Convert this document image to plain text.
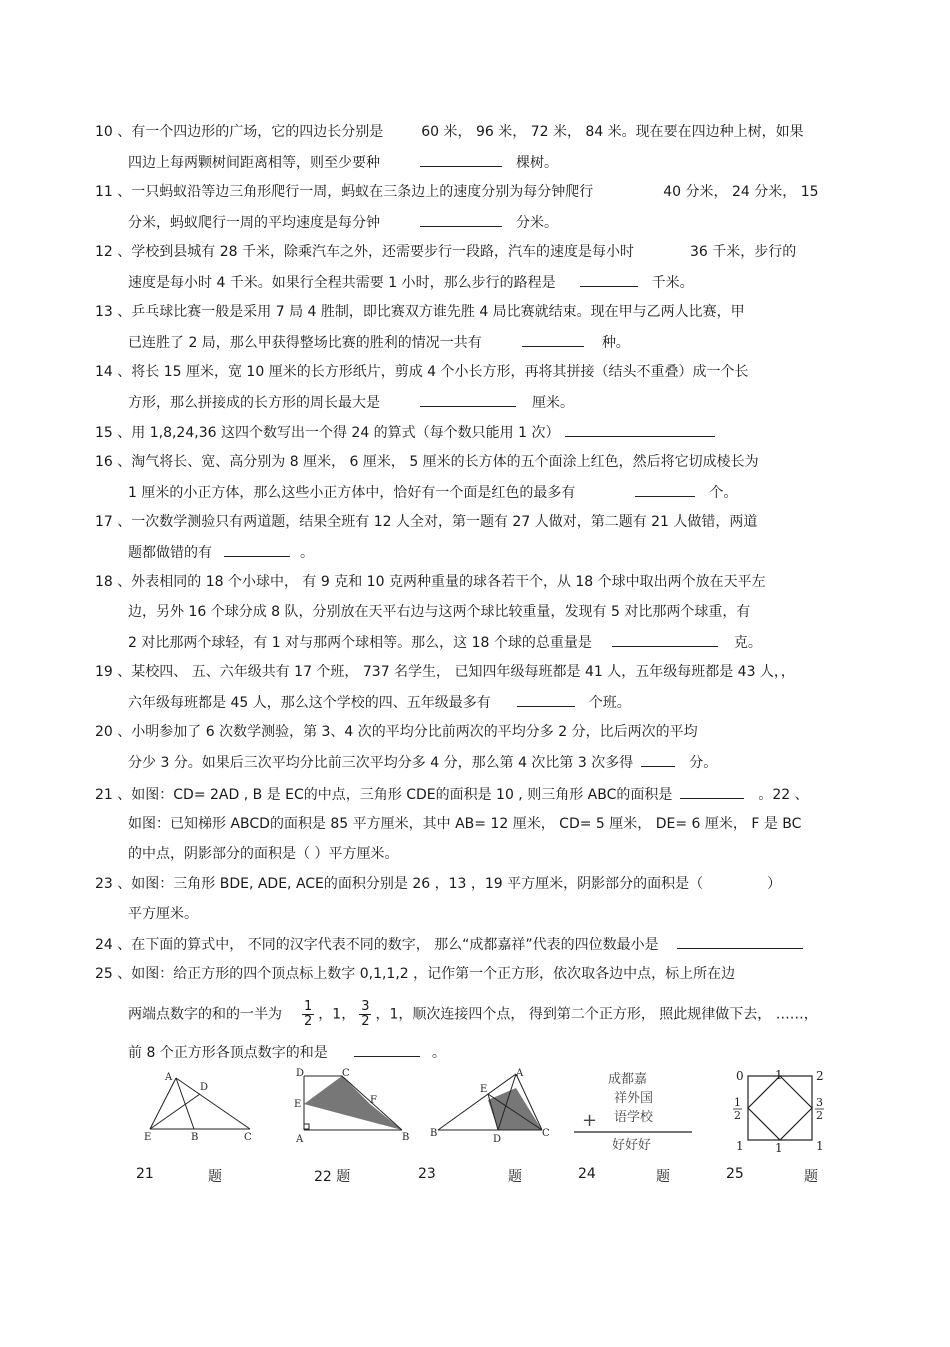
10 、有一个四边形的广场，它的四边长分别是	60 米， 96 米， 72 米， 84 米。现在要在四边种上树，如果
四边上每两颗树间距离相等，则至少要种	棵树。
11 、一只蚂蚁沿等边三角形爬行一周，蚂蚁在三条边上的速度分别为每分钟爬行	40 分米， 24 分米， 15
分米，蚂蚁爬行一周的平均速度是每分钟	分米。
12 、学校到县城有 28 千米，除乘汽车之外，还需要步行一段路，汽车的速度是每小时	36 千米，步行的
速度是每小时 4 千米。如果行全程共需要 1 小时，那么步行的路程是	千米。
13 、乒乓球比赛一般是采用 7 局 4 胜制，即比赛双方谁先胜 4 局比赛就结束。现在甲与乙两人比赛，甲
已连胜了 2 局，那么甲获得整场比赛的胜利的情况一共有	种。
14 、将长 15 厘米，宽 10 厘米的长方形纸片，剪成 4 个小长方形，再将其拼接（结头不重叠）成一个长
方形，那么拼接成的长方形的周长最大是	厘米。
15 、用 1,8,24,36 这四个数写出一个得 24 的算式（每个数只能用 1 次）
16 、淘气将长、宽、高分别为 8 厘米， 6 厘米， 5 厘米的长方体的五个面涂上红色，然后将它切成棱长为
1 厘米的小正方体，那么这些小正方体中，恰好有一个面是红色的最多有	个。
17 、一次数学测验只有两道题，结果全班有 12 人全对，第一题有 27 人做对，第二题有 21 人做错，两道
题都做错的有	。
18 、外表相同的 18 个小球中， 有 9 克和 10 克两种重量的球各若干个，从 18 个球中取出两个放在天平左
边，另外 16 个球分成 8 队，分别放在天平右边与这两个球比较重量，发现有 5 对比那两个球重，有
2 对比那两个球轻，有 1 对与那两个球相等。那么，这 18 个球的总重量是	克。
19 、某校四、 五、六年级共有 17 个班， 737 名学生， 已知四年级每班都是 41 人，五年级每班都是 43 人，，
六年级每班都是 45 人，那么这个学校的四、五年级最多有	个班。
20 、小明参加了 6 次数学测验，第 3、4 次的平均分比前两次的平均分多 2 分，比后两次的平均
分少 3 分。如果后三次平均分比前三次平均分多 4 分，那么第 4 次比第 3 次多得	分。
21 、如图：CD= 2AD , B 是 EC的中点，三角形 CDE的面积是 10 , 则三角形 ABC的面积是	。22 、
如图：已知梯形 ABCD的面积是 85 平方厘米，其中 AB= 12 厘米， CD= 5 厘米， DE= 6 厘米， F 是 BC
的中点，阴影部分的面积是（ ）平方厘米。
23 、如图：三角形 BDE, ADE, ACE的面积分别是 26 ，13 ，19 平方厘米，阴影部分的面积是（	）
平方厘米。
24 、在下面的算式中， 不同的汉字代表不同的数字， 那么“成都嘉祥”代表的四位数最小是
25 、如图：给正方形的四个顶点标上数字 0,1,1,2 ，记作第一个正方形，依次取各边中点，标上所在边
两端点数字的和的一半为 $\frac{1}{2}$ ，1， $\frac{3}{2}$ ，1，顺次连接四个点， 得到第二个正方形， 照此规律做下去， ……，
前 8 个正方形各顶点数字的和是	。
A
D
E	B	C
D	C
E	F
A	B
A
E
B
D
C
成都嘉
祥外国
语学校
+
好好好
0	1	2
1
2
3
2
1	1	1
21	题	22 题	23	题	24	题	25	题
